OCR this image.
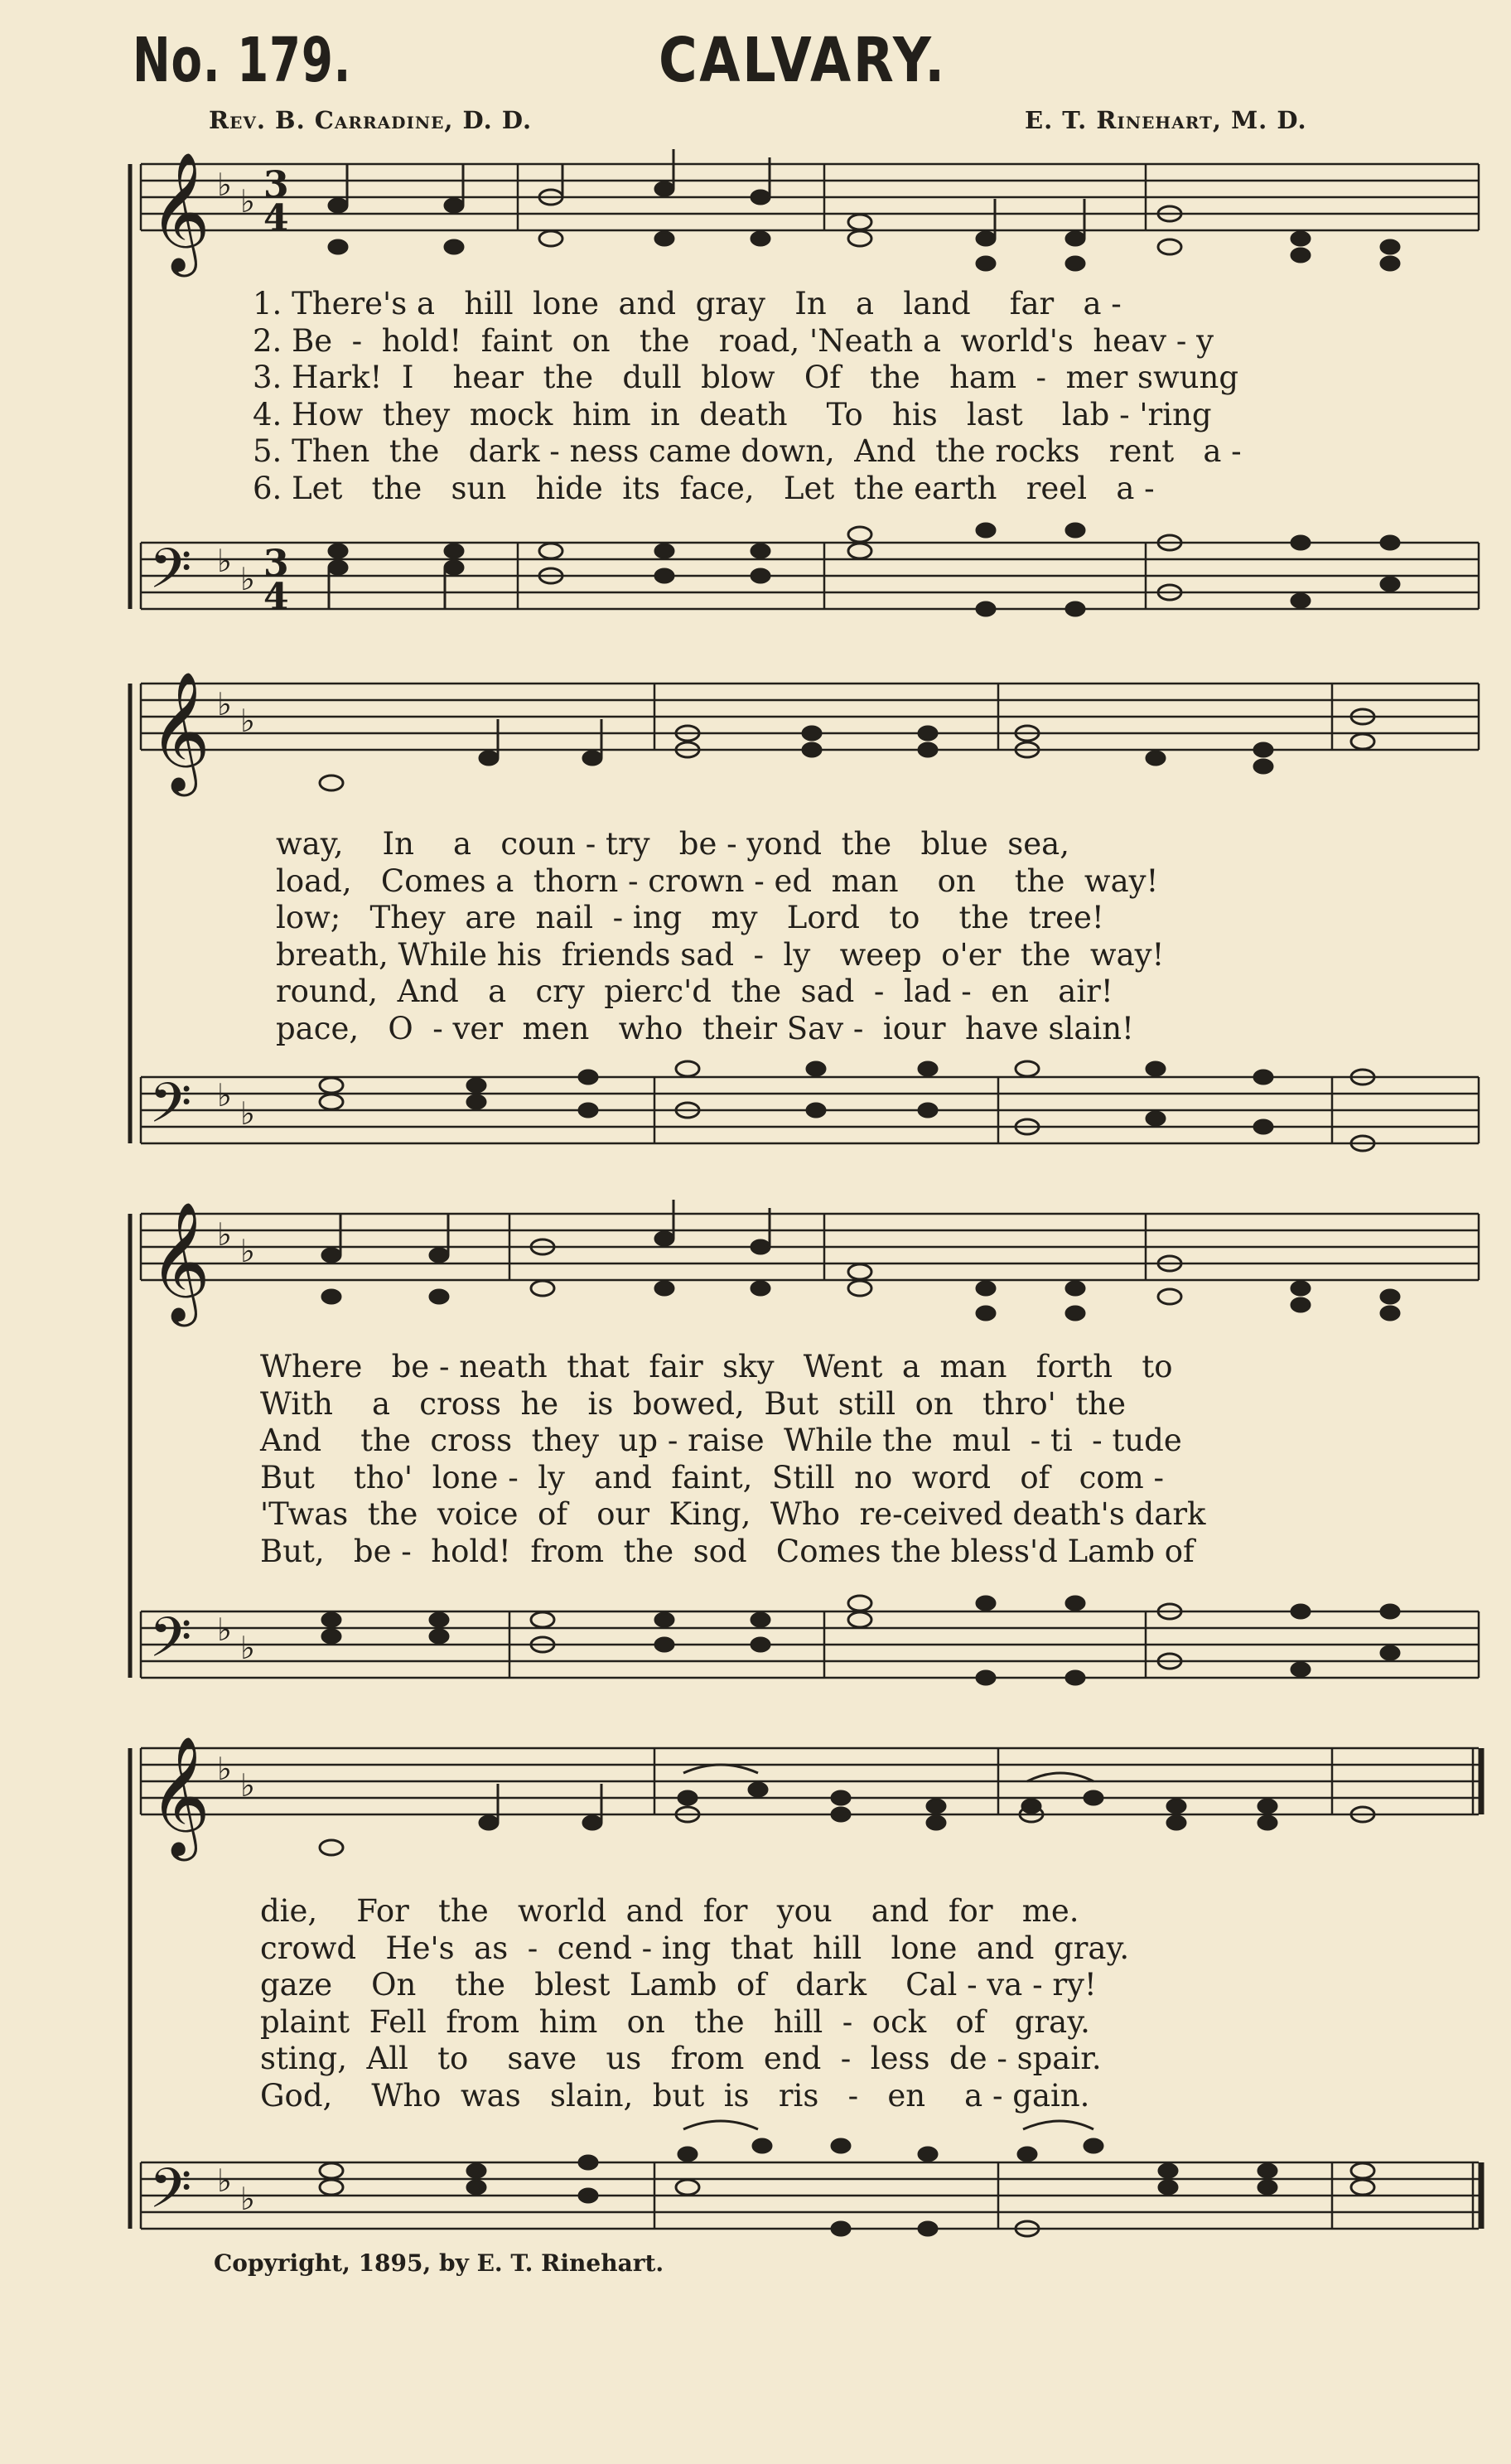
No. 179.	CALVARY.
Rev. B. Carradine, D. D.	E. T. Rinehart, M. D.
𝄞
𝄢
♭ ♭
♭ ♭
3
4
3
4
1. There's a   hill  lone  and  gray   In   a   land    far   a -
2. Be  -  hold!  faint  on   the   road, 'Neath a  world's  heav - y
3. Hark!  I    hear  the   dull  blow   Of   the   ham  -  mer swung
4. How  they  mock  him  in  death    To   his   last    lab - 'ring
5. Then  the   dark - ness came down,  And  the rocks   rent   a -
6. Let   the   sun   hide  its  face,   Let  the earth   reel   a -
𝄞
𝄢
♭ ♭
♭ ♭
way,    In    a   coun - try   be - yond  the   blue  sea,
load,   Comes a  thorn - crown - ed  man    on    the  way!
low;   They  are  nail  - ing   my   Lord   to    the  tree!
breath, While his  friends sad  -  ly   weep  o'er  the  way!
round,  And   a   cry  pierc'd  the  sad  -  lad -  en   air!
pace,   O  - ver  men   who  their Sav -  iour  have slain!
𝄞
𝄢
♭ ♭
♭ ♭
Where   be - neath  that  fair  sky   Went  a  man   forth   to
With    a   cross  he   is  bowed,  But  still  on   thro'  the
And    the  cross  they  up - raise  While the  mul  - ti  - tude
But    tho'  lone -  ly   and  faint,  Still  no  word   of   com -
'Twas  the  voice  of   our  King,  Who  re-ceived death's dark
But,   be -  hold!  from  the  sod   Comes the bless'd Lamb of
𝄞
𝄢
♭ ♭
♭ ♭
die,    For   the   world  and  for   you    and  for   me.
crowd   He's  as  -  cend - ing  that  hill   lone  and  gray.
gaze    On    the   blest  Lamb  of   dark    Cal - va - ry!
plaint  Fell  from  him   on   the   hill  -  ock   of   gray.
sting,  All   to    save   us   from  end  -  less  de - spair.
God,    Who  was   slain,  but  is   ris   -   en    a - gain.
Copyright, 1895, by E. T. Rinehart.
